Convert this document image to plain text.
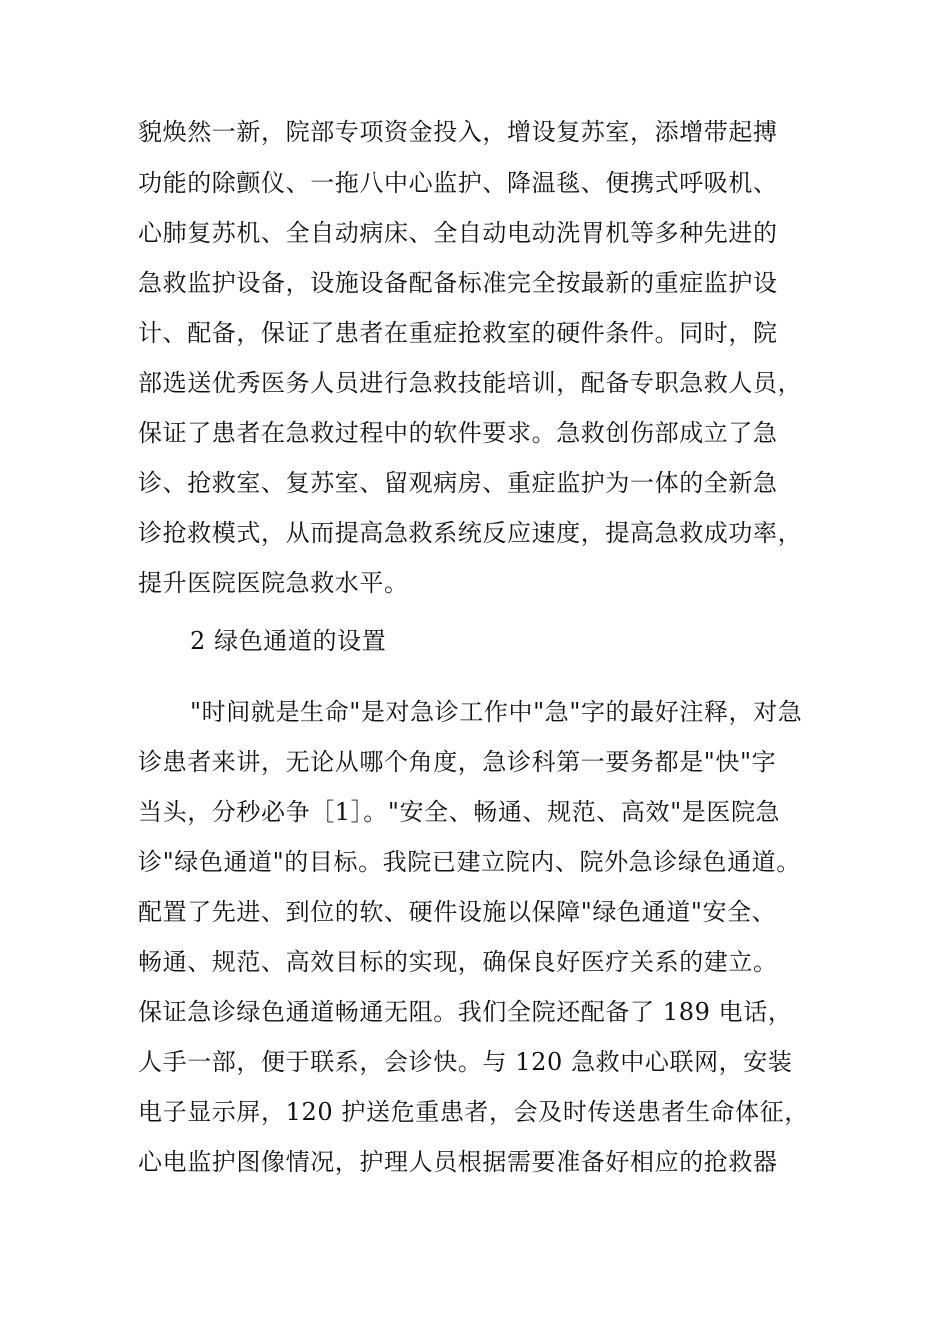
貌焕然一新，院部专项资金投入，增设复苏室，添增带起搏
功能的除颤仪、一拖八中心监护、降温毯、便携式呼吸机、
心肺复苏机、全自动病床、全自动电动洗胃机等多种先进的
急救监护设备，设施设备配备标准完全按最新的重症监护设
计、配备，保证了患者在重症抢救室的硬件条件。同时，院
部选送优秀医务人员进行急救技能培训，配备专职急救人员，
保证了患者在急救过程中的软件要求。急救创伤部成立了急
诊、抢救室、复苏室、留观病房、重症监护为一体的全新急
诊抢救模式，从而提高急救系统反应速度，提高急救成功率，
提升医院医院急救水平。
2 绿色通道的设置
"时间就是生命"是对急诊工作中"急"字的最好注释，对急
诊患者来讲，无论从哪个角度，急诊科第一要务都是"快"字
当头，分秒必争［1］。"安全、畅通、规范、高效"是医院急
诊"绿色通道"的目标。我院已建立院内、院外急诊绿色通道。
配置了先进、到位的软、硬件设施以保障"绿色通道"安全、
畅通、规范、高效目标的实现，确保良好医疗关系的建立。
保证急诊绿色通道畅通无阻。我们全院还配备了 189 电话，
人手一部，便于联系，会诊快。与 120 急救中心联网，安装
电子显示屏，120 护送危重患者，会及时传送患者生命体征，
心电监护图像情况，护理人员根据需要准备好相应的抢救器
